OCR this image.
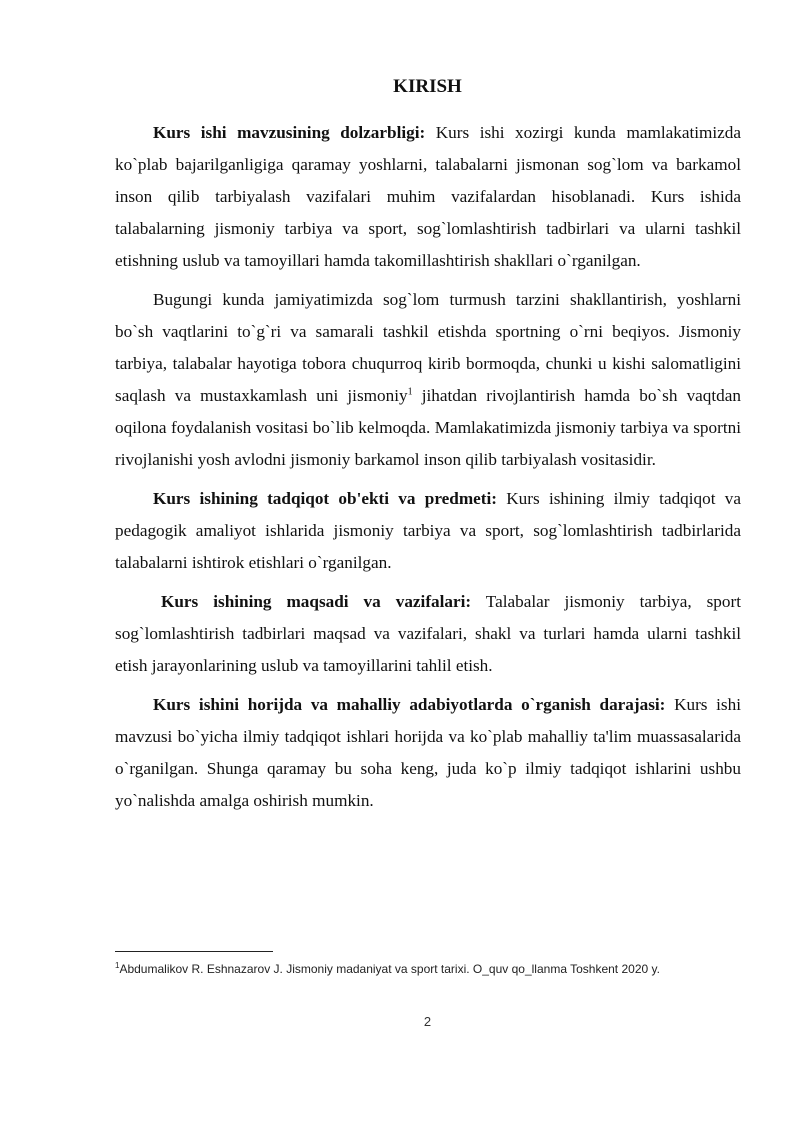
KIRISH

Kurs ishi mavzusining dolzarbligi: Kurs ishi xozirgi kunda mamlakatimizda ko`plab bajarilganligiga qaramay yoshlarni, talabalarni jismonan sog`lom va barkamol inson qilib tarbiyalash vazifalari muhim vazifalardan hisoblanadi. Kurs ishida talabalarning jismoniy tarbiya va sport, sog`lomlashtirish tadbirlari va ularni tashkil etishning uslub va tamoyillari hamda takomillashtirish shakllari o`rganilgan.

Bugungi kunda jamiyatimizda sog`lom turmush tarzini shakllantirish, yoshlarni bo`sh vaqtlarini to`g`ri va samarali tashkil etishda sportning o`rni beqiyos. Jismoniy tarbiya, talabalar hayotiga tobora chuqurroq kirib bormoqda, chunki u kishi salomatligini saqlash va mustaxkamlash uni jismoniy$^1$ jihatdan rivojlantirish hamda bo`sh vaqtdan oqilona foydalanish vositasi bo`lib kelmoqda. Mamlakatimizda jismoniy tarbiya va sportni rivojlanishi yosh avlodni jismoniy barkamol inson qilib tarbiyalash vositasidir.

Kurs ishining tadqiqot ob'ekti va predmeti: Kurs ishining ilmiy tadqiqot va pedagogik amaliyot ishlarida jismoniy tarbiya va sport, sog`lomlashtirish tadbirlarida talabalarni ishtirok etishlari o`rganilgan.

Kurs ishining maqsadi va vazifalari: Talabalar jismoniy tarbiya, sport sog`lomlashtirish tadbirlari maqsad va vazifalari, shakl va turlari hamda ularni tashkil etish jarayonlarining uslub va tamoyillarini tahlil etish.

Kurs ishini horijda va mahalliy adabiyotlarda o`rganish darajasi: Kurs ishi mavzusi bo`yicha ilmiy tadqiqot ishlari horijda va ko`plab mahalliy ta'lim muassasalarida o`rganilgan. Shunga qaramay bu soha keng, juda ko`p ilmiy tadqiqot ishlarini ushbu yo`nalishda amalga oshirish mumkin.

$^1$Abdumalikov R. Eshnazarov J. Jismoniy madaniyat va sport tarixi. O_quv qo_llanma Toshkent 2020 y.
2
